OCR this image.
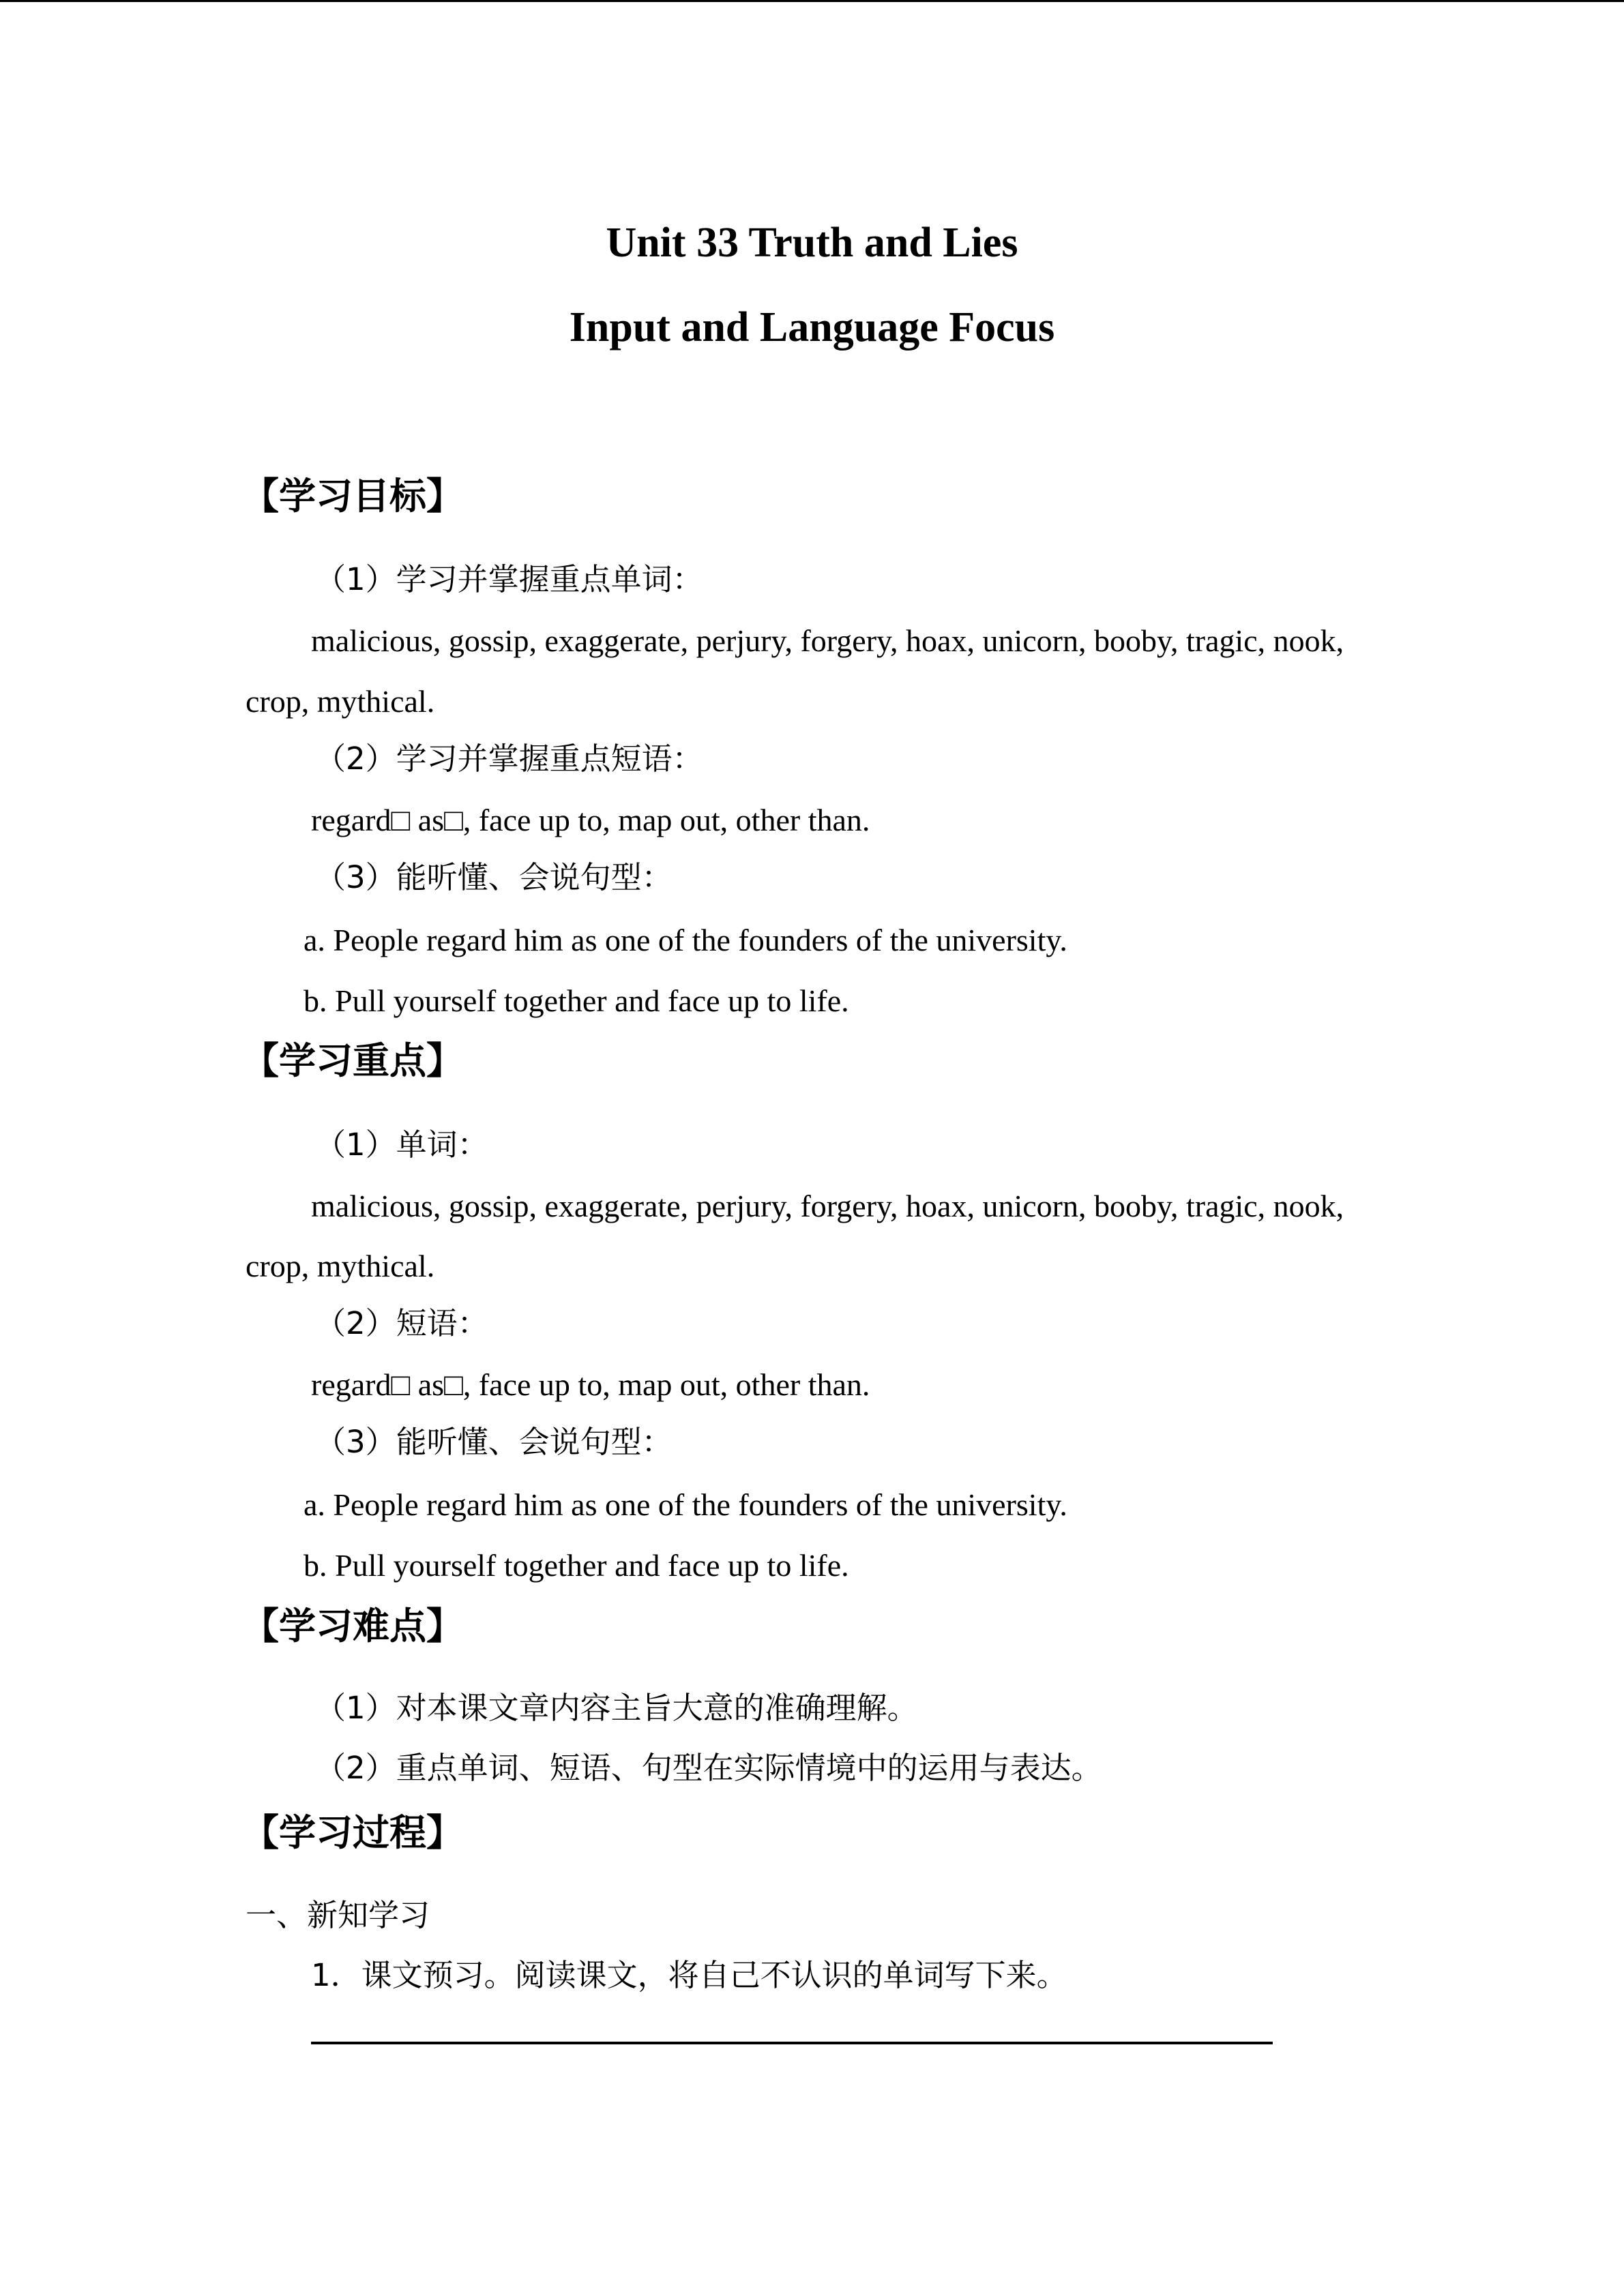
Unit 33 Truth and Lies
Input and Language Focus
【学习目标】
（1）学习并掌握重点单词：
malicious, gossip, exaggerate, perjury, forgery, hoax, unicorn, booby, tragic, nook,
crop, mythical.
（2）学习并掌握重点短语：
regard□ as□, face up to, map out, other than.
（3）能听懂、会说句型：
a. People regard him as one of the founders of the university.
b. Pull yourself together and face up to life.
【学习重点】
（1）单词：
malicious, gossip, exaggerate, perjury, forgery, hoax, unicorn, booby, tragic, nook,
crop, mythical.
（2）短语：
regard□ as□, face up to, map out, other than.
（3）能听懂、会说句型：
a. People regard him as one of the founders of the university.
b. Pull yourself together and face up to life.
【学习难点】
（1）对本课文章内容主旨大意的准确理解。
（2）重点单词、短语、句型在实际情境中的运用与表达。
【学习过程】
一、新知学习
1．课文预习。阅读课文，将自己不认识的单词写下来。
